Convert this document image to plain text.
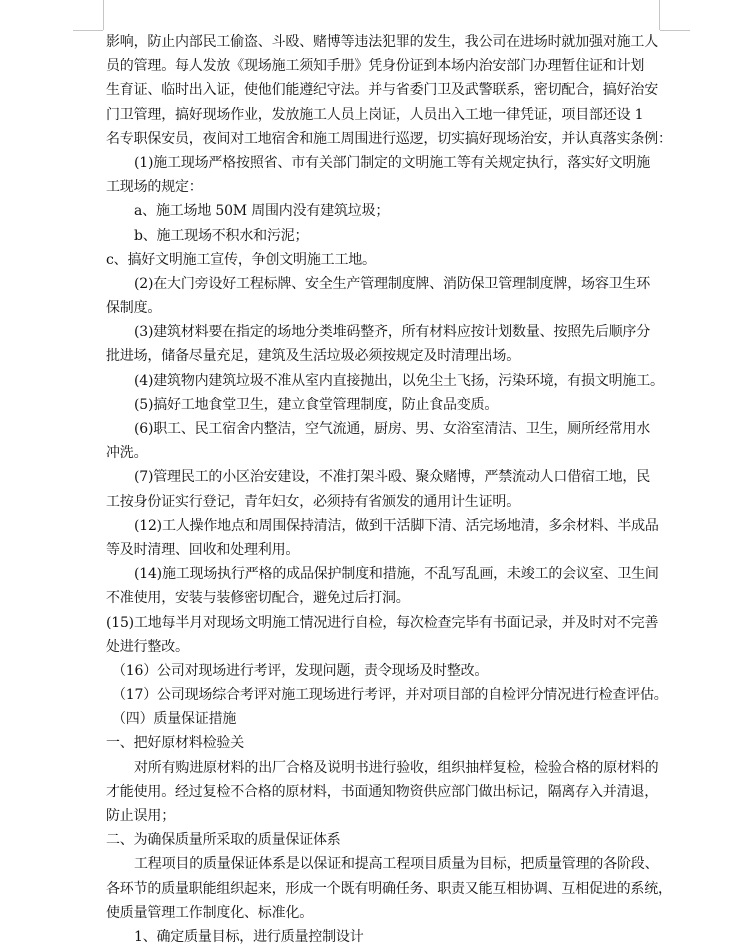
影响，防止内部民工偷盗、斗殴、赌博等违法犯罪的发生，我公司在进场时就加强对施工人
员的管理。每人发放《现场施工须知手册》凭身份证到本场内治安部门办理暂住证和计划
生育证、临时出入证，使他们能遵纪守法。并与省委门卫及武警联系，密切配合，搞好治安
门卫管理，搞好现场作业，发放施工人员上岗证，人员出入工地一律凭证，项目部还设 1
名专职保安员，夜间对工地宿舍和施工周围进行巡逻，切实搞好现场治安，并认真落实条例：
(1)施工现场严格按照省、市有关部门制定的文明施工等有关规定执行，落实好文明施
工现场的规定：
a、施工场地 50M 周围内没有建筑垃圾；
b、施工现场不积水和污泥；
c、搞好文明施工宣传，争创文明施工工地。
(2)在大门旁设好工程标牌、安全生产管理制度牌、消防保卫管理制度牌，场容卫生环
保制度。
(3)建筑材料要在指定的场地分类堆码整齐，所有材料应按计划数量、按照先后顺序分
批进场，储备尽量充足，建筑及生活垃圾必须按规定及时清理出场。
(4)建筑物内建筑垃圾不准从室内直接抛出，以免尘土飞扬，污染环境，有损文明施工。
(5)搞好工地食堂卫生，建立食堂管理制度，防止食品变质。
(6)职工、民工宿舍内整洁，空气流通，厨房、男、女浴室清洁、卫生，厕所经常用水
冲洗。
(7)管理民工的小区治安建设，不准打架斗殴、聚众赌博，严禁流动人口借宿工地，民
工按身份证实行登记，青年妇女，必须持有省颁发的通用计生证明。
(12)工人操作地点和周围保持清洁，做到干活脚下清、活完场地清，多余材料、半成品
等及时清理、回收和处理利用。
(14)施工现场执行严格的成品保护制度和措施，不乱写乱画，未竣工的会议室、卫生间
不准使用，安装与装修密切配合，避免过后打洞。
(15)工地每半月对现场文明施工情况进行自检，每次检查完毕有书面记录，并及时对不完善
处进行整改。
（16）公司对现场进行考评，发现问题，责令现场及时整改。
（17）公司现场综合考评对施工现场进行考评，并对项目部的自检评分情况进行检查评估。
（四）质量保证措施
一、把好原材料检验关
对所有购进原材料的出厂合格及说明书进行验收，组织抽样复检，检验合格的原材料的
才能使用。经过复检不合格的原材料，书面通知物资供应部门做出标记，隔离存入并清退，
防止误用；
二、为确保质量所采取的质量保证体系
工程项目的质量保证体系是以保证和提高工程项目质量为目标，把质量管理的各阶段、
各环节的质量职能组织起来，形成一个既有明确任务、职责又能互相协调、互相促进的系统，
使质量管理工作制度化、标准化。
1、确定质量目标，进行质量控制设计
